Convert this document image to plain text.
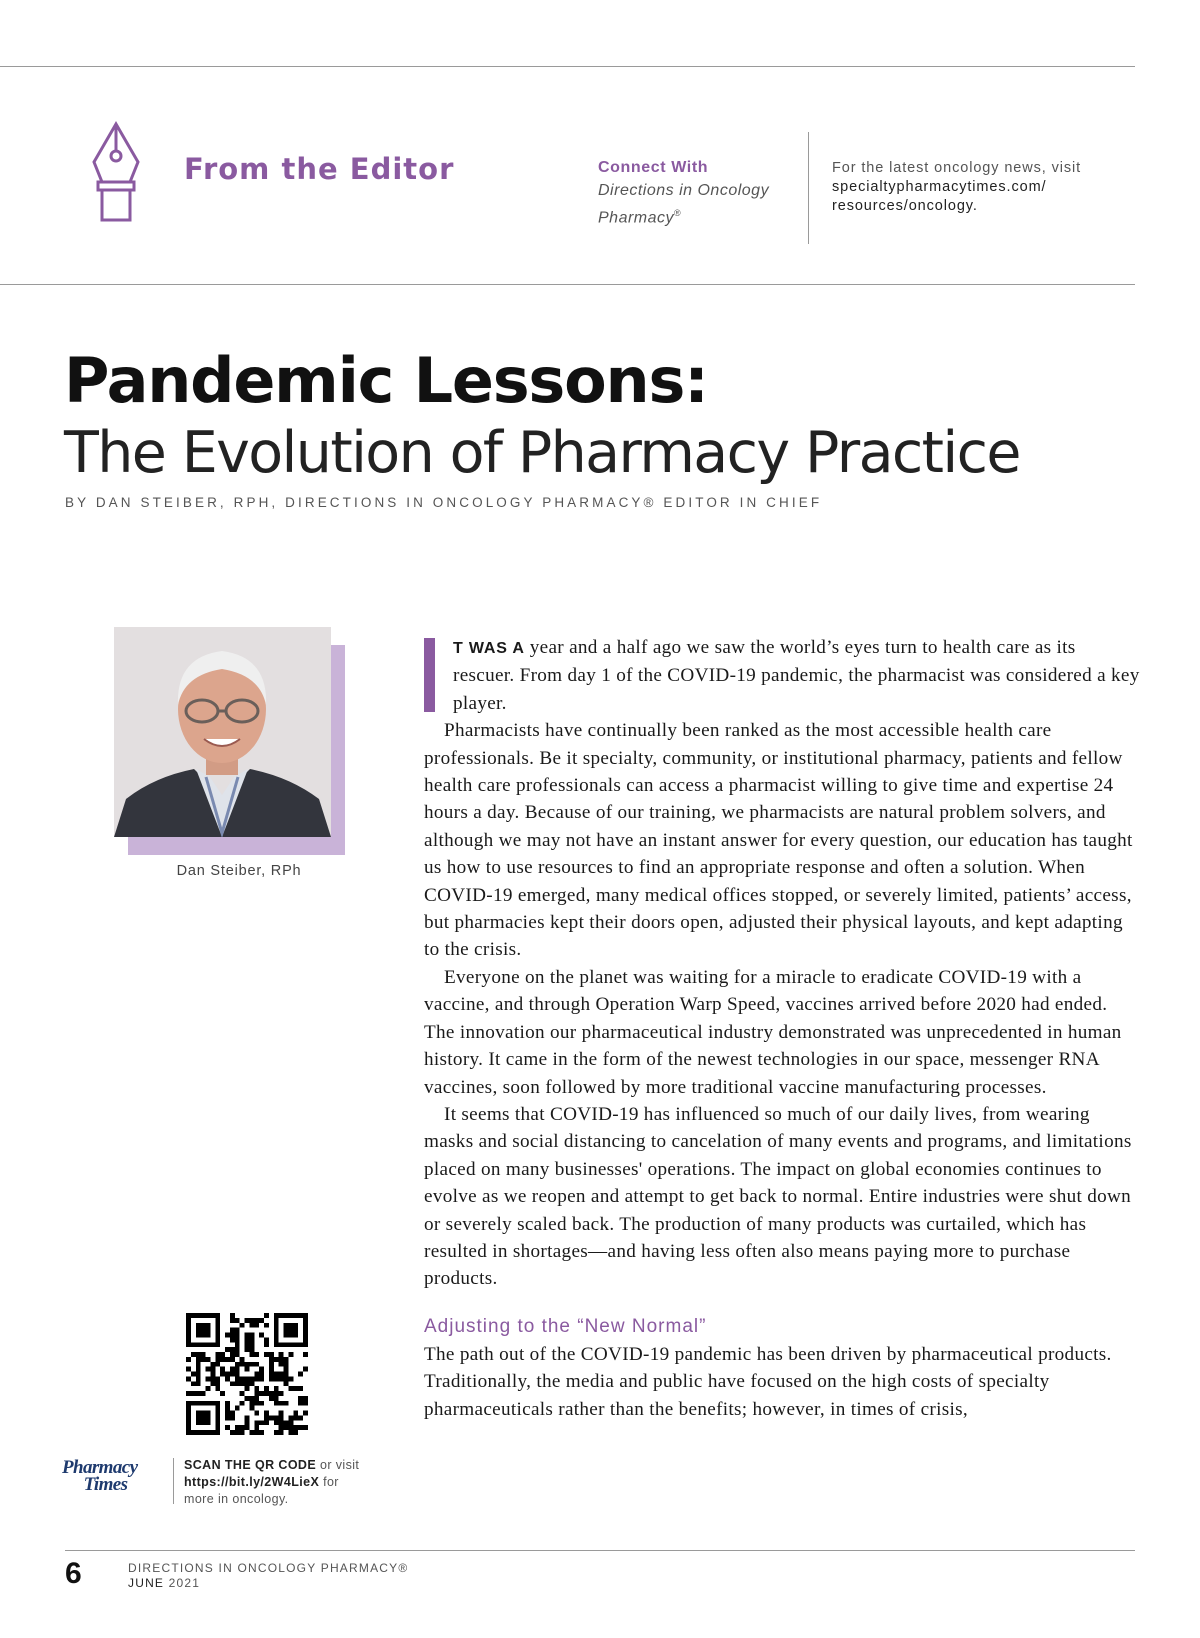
From the Editor	Connect With
Directions in Oncology Pharmacy®
For the latest oncology news, visit
specialtypharmacytimes.com/
resources/oncology.
Pandemic Lessons:
The Evolution of Pharmacy Practice
BY DAN STEIBER, RPH, DIRECTIONS IN ONCOLOGY PHARMACY® EDITOR IN CHIEF
Dan Steiber, RPh

T WAS A year and a half ago we saw the world’s eyes turn to health care as its rescuer. From day 1 of the COVID-19 pandemic, the pharmacist was considered a key player.

Pharmacists have continually been ranked as the most accessible health care professionals. Be it specialty, community, or institutional pharmacy, patients and fellow health care professionals can access a pharmacist willing to give time and expertise 24 hours a day. Because of our training, we pharmacists are natural problem solvers, and although we may not have an instant answer for every question, our education has taught us how to use resources to find an appropriate response and often a solution. When COVID-19 emerged, many medical offices stopped, or severely limited, patients’ access, but pharmacies kept their doors open, adjusted their physical layouts, and kept adapting to the crisis.

Everyone on the planet was waiting for a miracle to eradicate COVID-19 with a vaccine, and through Operation Warp Speed, vaccines arrived before 2020 had ended. The innovation our pharmaceutical industry demonstrated was unprecedented in human history. It came in the form of the newest technologies in our space, messenger RNA vaccines, soon followed by more traditional vaccine manufacturing processes.

It seems that COVID-19 has influenced so much of our daily lives, from wearing masks and social distancing to cancelation of many events and programs, and limitations placed on many businesses' operations. The impact on global economies continues to evolve as we reopen and attempt to get back to normal. Entire industries were shut down or severely scaled back. The production of many products was curtailed, which has resulted in shortages—and having less often also means paying more to purchase products.

Adjusting to the “New Normal”

The path out of the COVID-19 pandemic has been driven by pharmaceutical products. Traditionally, the media and public have focused on the high costs of specialty pharmaceuticals rather than the benefits; however, in times of crisis,

Pharmacy
Times
SCAN THE QR CODE or visit
https://bit.ly/2W4LieX for
more in oncology.
6	DIRECTIONS IN ONCOLOGY PHARMACY®
JUNE 2021
